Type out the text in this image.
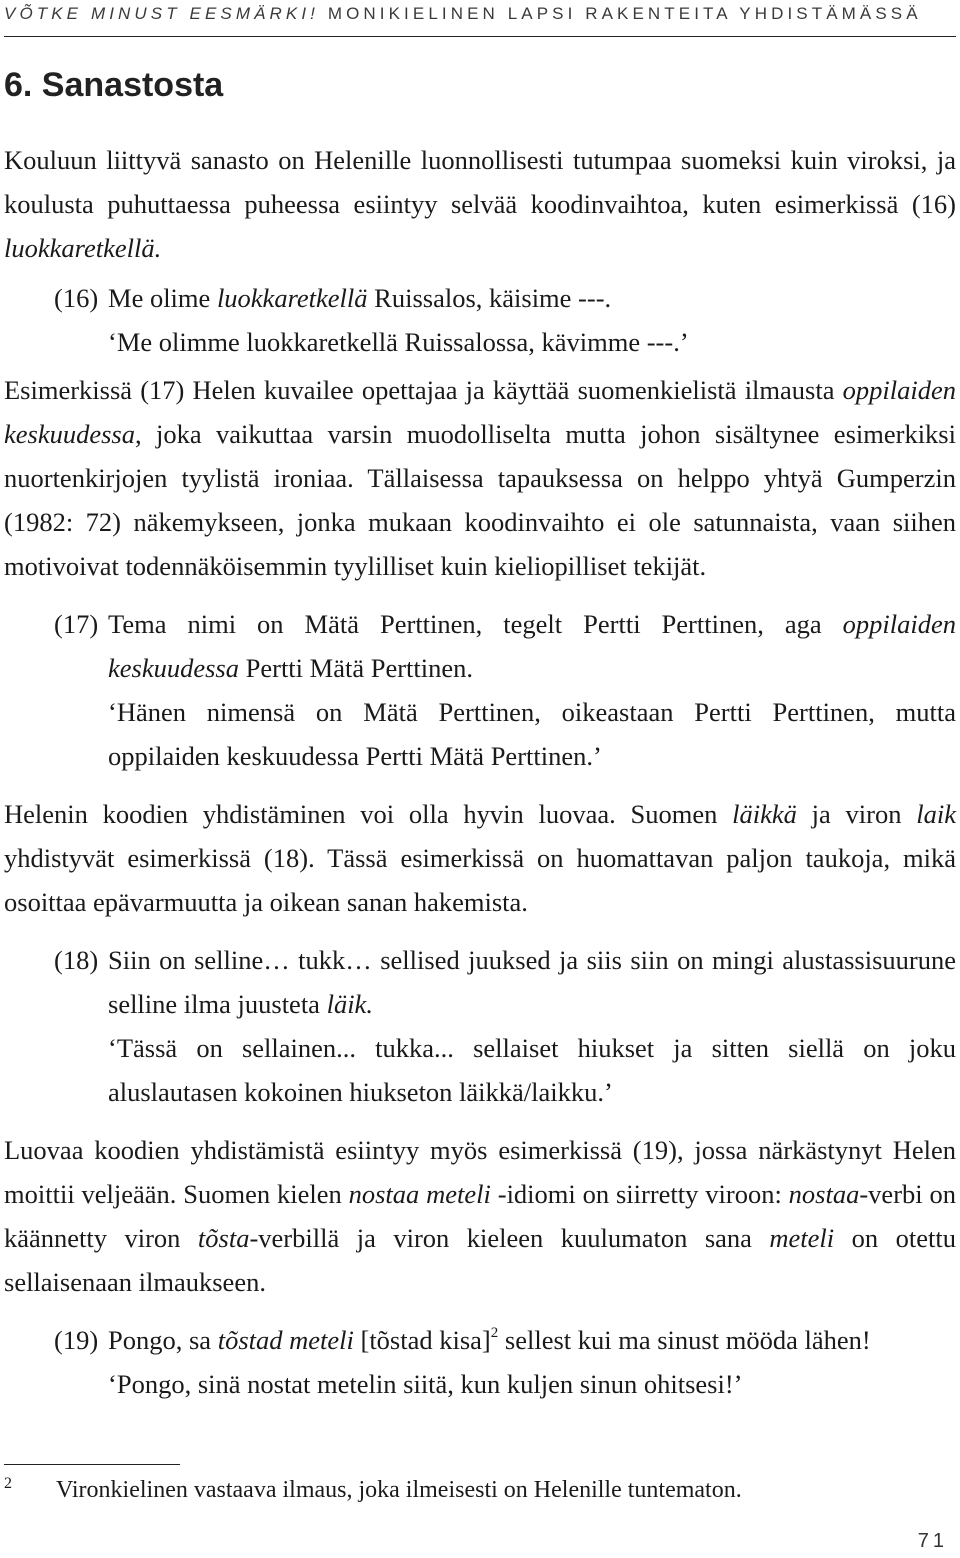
VÕTKE MINUST EESMÄRKI! MONIKIELINEN LAPSI RAKENTEITA YHDISTÄMÄSSÄ
6. Sanastosta

Kouluun liittyvä sanasto on Helenille luonnollisesti tutumpaa suomeksi kuin viroksi, ja koulusta puhuttaessa puheessa esiintyy selvää koodinvaihtoa, kuten esimerkissä (16) luokkaretkellä.

(16) Me olime luokkaretkellä Ruissalos, käisime ---.
‘Me olimme luokkaretkellä Ruissalossa, kävimme ---.’

Esimerkissä (17) Helen kuvailee opettajaa ja käyttää suomenkielistä ilmausta oppilaiden keskuudessa, joka vaikuttaa varsin muodolliselta mutta johon sisältynee esimerkiksi nuortenkirjojen tyylistä ironiaa. Tällaisessa tapauksessa on helppo yhtyä Gumperzin (1982: 72) näkemykseen, jonka mukaan koodinvaihto ei ole satunnaista, vaan siihen motivoivat todennäköisemmin tyylilliset kuin kieliopilliset tekijät.

(17) Tema nimi on Mätä Perttinen, tegelt Pertti Perttinen, aga oppilaiden keskuudessa Pertti Mätä Perttinen.
‘Hänen nimensä on Mätä Perttinen, oikeastaan Pertti Perttinen, mutta oppilaiden keskuudessa Pertti Mätä Perttinen.’

Helenin koodien yhdistäminen voi olla hyvin luovaa. Suomen läikkä ja viron laik yhdistyvät esimerkissä (18). Tässä esimerkissä on huomattavan paljon taukoja, mikä osoittaa epävarmuutta ja oikean sanan hakemista.

(18) Siin on selline… tukk… sellised juuksed ja siis siin on mingi alustassisuurune selline ilma juusteta läik.
‘Tässä on sellainen... tukka... sellaiset hiukset ja sitten siellä on joku aluslautasen kokoinen hiukseton läikkä/laikku.’

Luovaa koodien yhdistämistä esiintyy myös esimerkissä (19), jossa närkästynyt Helen moittii veljeään. Suomen kielen nostaa meteli -idiomi on siirretty viroon: nostaa-verbi on käännetty viron tõsta-verbillä ja viron kieleen kuulumaton sana meteli on otettu sellaisenaan ilmaukseen.

(19) Pongo, sa tõstad meteli [tõstad kisa]$^2$ sellest kui ma sinust mööda lähen!
‘Pongo, sinä nostat metelin siitä, kun kuljen sinun ohitsesi!’
2	Vironkielinen vastaava ilmaus, joka ilmeisesti on Helenille tuntematon.
71
